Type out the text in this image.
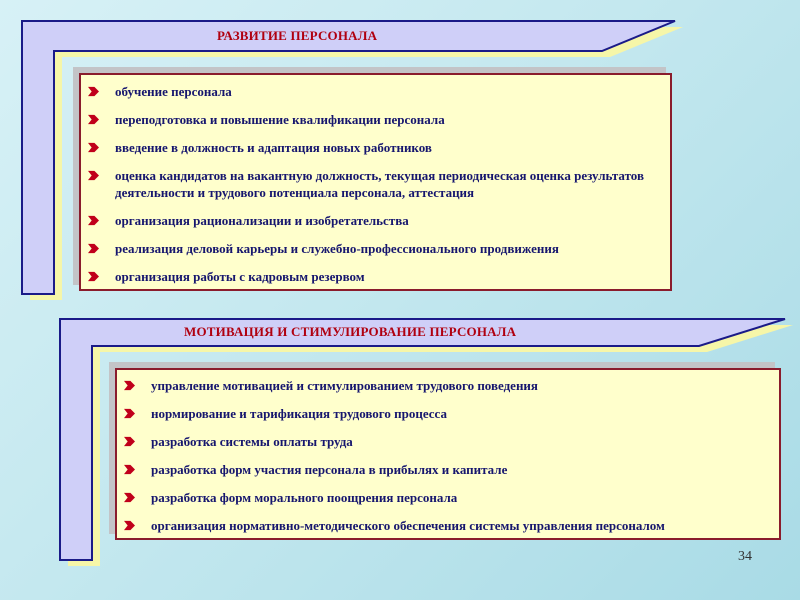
РАЗВИТИЕ ПЕРСОНАЛА
обучение персонала
переподготовка и повышение квалификации персонала
введение в должность и адаптация новых работников
оценка кандидатов на вакантную должность, текущая периодическая оценка результатов деятельности и трудового потенциала персонала, аттестация
организация рационализации и изобретательства
реализация деловой карьеры и служебно-профессионального продвижения
организация работы с кадровым резервом
МОТИВАЦИЯ И СТИМУЛИРОВАНИЕ ПЕРСОНАЛА
управление мотивацией и стимулированием трудового поведения
нормирование и тарификация трудового процесса
разработка системы оплаты труда
разработка форм участия персонала в прибылях и капитале
разработка форм морального поощрения персонала
организация нормативно-методического обеспечения системы управления персоналом
34
